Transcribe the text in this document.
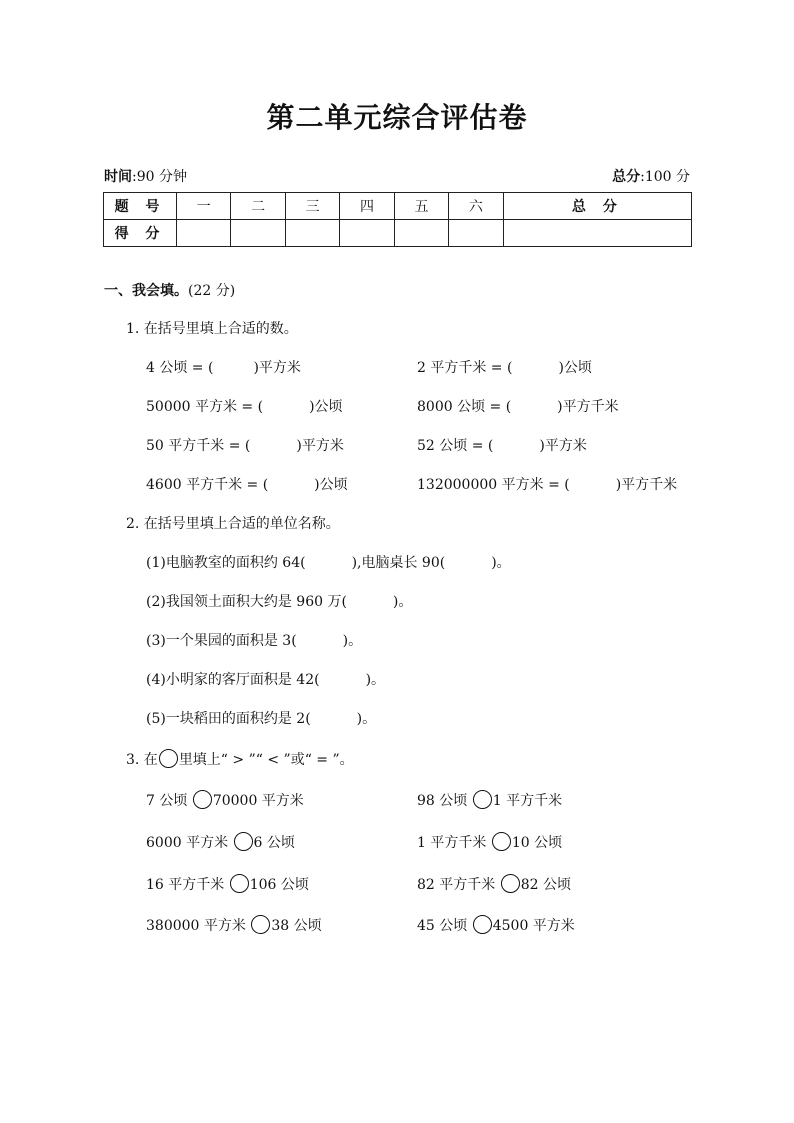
第二单元综合评估卷
时间:90 分钟	总分:100 分
题 号	一	二	三	四	五	六	总 分
得 分							
一、我会填。(22 分)
1. 在括号里填上合适的数。
4 公顷 = (	)平方米	2 平方千米 = (	)公顷
50000 平方米 = (	)公顷	8000 公顷 = (	)平方千米
50 平方千米 = (	)平方米	52 公顷 = (	)平方米
4600 平方千米 = (	)公顷	132000000 平方米 = (	)平方千米
2. 在括号里填上合适的单位名称。
(1)电脑教室的面积约 64(	),电脑桌长 90(	)。
(2)我国领土面积大约是 960 万(	)。
(3)一个果园的面积是 3(	)。
(4)小明家的客厅面积是 42(	)。
(5)一块稻田的面积约是 2(	)。
3. 在 里填上“ > ”“ < ”或“ = ”。
7 公顷 70000 平方米	98 公顷 1 平方千米
6000 平方米 6 公顷	1 平方千米 10 公顷
16 平方千米 106 公顷	82 平方千米 82 公顷
380000 平方米 38 公顷	45 公顷 4500 平方米
